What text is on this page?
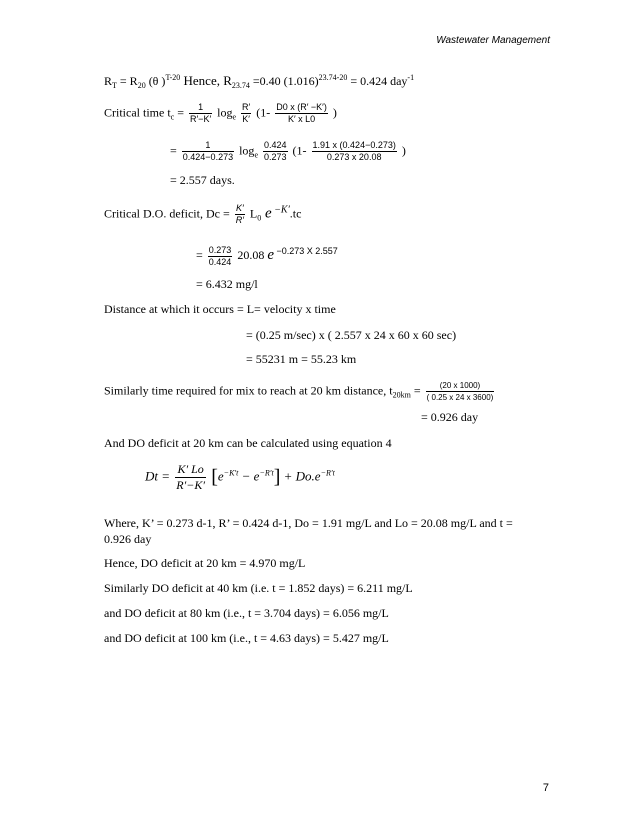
Wastewater Management
$R_T = R_{20}$ (θ )$^{T-20}$ Hence, $R_{23.74} =0.40$ $(1.016)^{23.74-20} = 0.424$ day$^{-1}$
Critical time $t_c = \frac{1}{R'-K'} \log_e \frac{R'}{K'} (1- \frac{D0 x (R' -K')}{\text{K′ x L0}}$ )
= $\frac{1}{0.424-0.273} \log_e \frac{0.424}{0.273} (1- \frac{1.91 x (0.424-0.273)}{0.273 x 20.08}$ )
= 2.557 days.
Critical D.O. deficit, $Dc = \frac{K'}{R'} L_0$ e $^{-K'}$.tc
= $\frac{0.273}{0.424} 20.08$ e $^{-0.273 X 2.557}$
= 6.432 mg/l
Distance at which it occurs = L= velocity x time
= (0.25 m/sec) x ( 2.557 x 24 x 60 x 60 sec)
= 55231 m = 55.23 km
Similarly time required for mix to reach at 20 km distance, $t_{20km} = \frac{(20 x 1000)}{( 0.25 x 24 x 3600)}$
= 0.926 day
And DO deficit at 20 km can be calculated using equation 4
$Dt = \frac{K' Lo}{R'-K'} [e^{-K't} - e^{-R't}] + Do.e^{-R't}$
Where, K’ = 0.273 d-1, R’ = 0.424 d-1, Do = 1.91 mg/L and Lo = 20.08 mg/L and t = 0.926 day
Hence, DO deficit at 20 km = 4.970 mg/L
Similarly DO deficit at 40 km (i.e. t = 1.852 days) = 6.211 mg/L
and DO deficit at 80 km (i.e., t = 3.704 days) = 6.056 mg/L
and DO deficit at 100 km (i.e., t = 4.63 days) = 5.427 mg/L
7
